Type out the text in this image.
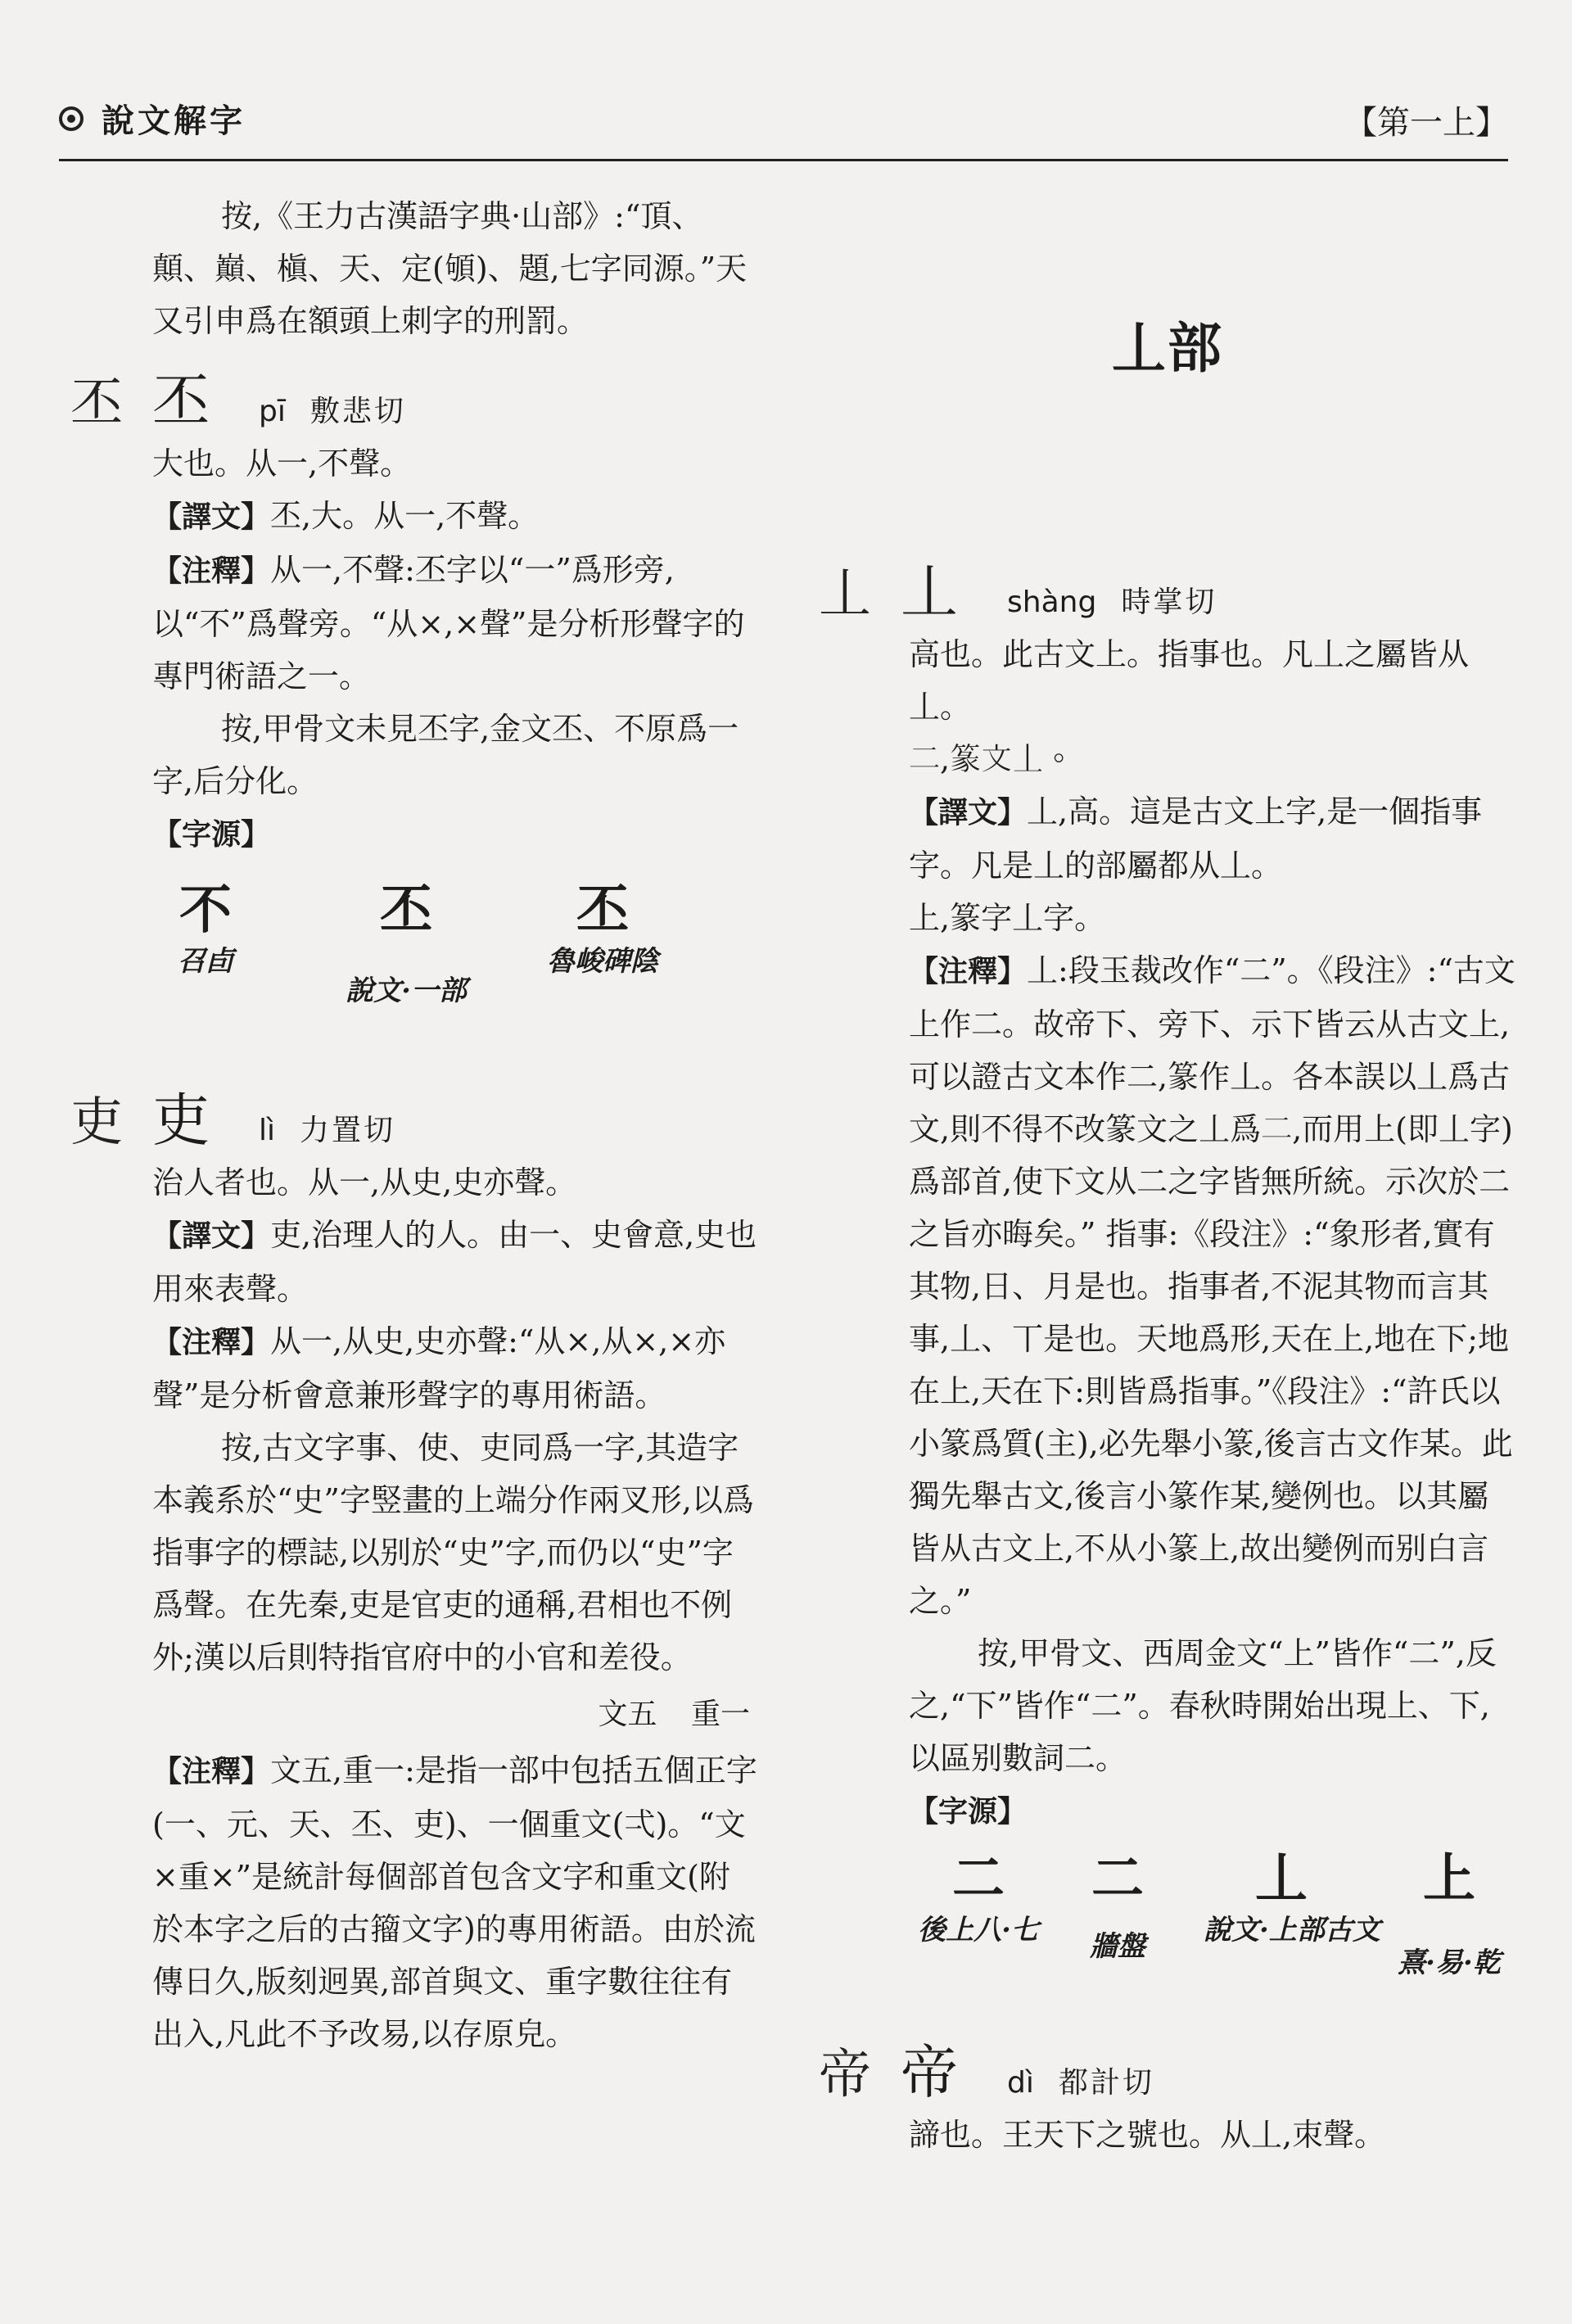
說文解字	【第一上】

按,《王力古漢語字典·山部》:“頂、顛、巔、槇、天、定(䪷)、題,七字同源。”天又引申爲在額頭上刺字的刑罰。

丕 丕	pī 敷悲切

大也。从一,不聲。

【譯文】丕,大。从一,不聲。

【注釋】从一,不聲:丕字以“一”爲形旁,以“不”爲聲旁。“从×,×聲”是分析形聲字的專門術語之一。

按,甲骨文未見丕字,金文丕、不原爲一字,后分化。

【字源】

不
召卣
丕
說文·一部
丕
魯峻碑陰
吏 吏	lì 力置切

治人者也。从一,从史,史亦聲。

【譯文】吏,治理人的人。由一、史會意,史也用來表聲。

【注釋】从一,从史,史亦聲:“从×,从×,×亦聲”是分析會意兼形聲字的專用術語。

按,古文字事、使、吏同爲一字,其造字本義系於“史”字竪畫的上端分作兩叉形,以爲指事字的標誌,以别於“史”字,而仍以“史”字爲聲。在先秦,吏是官吏的通稱,君相也不例外;漢以后則特指官府中的小官和差役。

文五 重一

【注釋】文五,重一:是指一部中包括五個正字(一、元、天、丕、吏)、一個重文(弌)。“文×重×”是統計每個部首包含文字和重文(附於本字之后的古籀文字)的專用術語。由於流傳日久,版刻迥異,部首與文、重字數往往有出入,凡此不予改易,以存原皃。

丄部
丄 丄	shàng 時掌切

高也。此古文上。指事也。凡丄之屬皆从丄。

𠄞,篆文丄。

【譯文】丄,高。這是古文上字,是一個指事字。凡是丄的部屬都从丄。

上,篆字丄字。

【注釋】丄:段玉裁改作“二”。《段注》:“古文上作二。故帝下、旁下、示下皆云从古文上,可以證古文本作二,篆作丄。各本誤以丄爲古文,則不得不改篆文之丄爲𠄞,而用上(即丄字)爲部首,使下文从二之字皆無所統。示次於二之旨亦晦矣。” 指事:《段注》:“象形者,實有其物,日、月是也。指事者,不泥其物而言其事,丄、丅是也。天地爲形,天在上,地在下;地在上,天在下:則皆爲指事。”《段注》:“許氏以小篆爲質(主),必先舉小篆,後言古文作某。此獨先舉古文,後言小篆作某,變例也。以其屬皆从古文上,不从小篆上,故出變例而别白言之。”

按,甲骨文、西周金文“上”皆作“二”,反之,“下”皆作“二”。春秋時開始出現上、下,以區别數詞二。

【字源】

二
後上八·七
二
牆盤
丄
說文·上部古文
上
熹·易·乾
帝 帝	dì 都計切

諦也。王天下之號也。从丄,朿聲。
